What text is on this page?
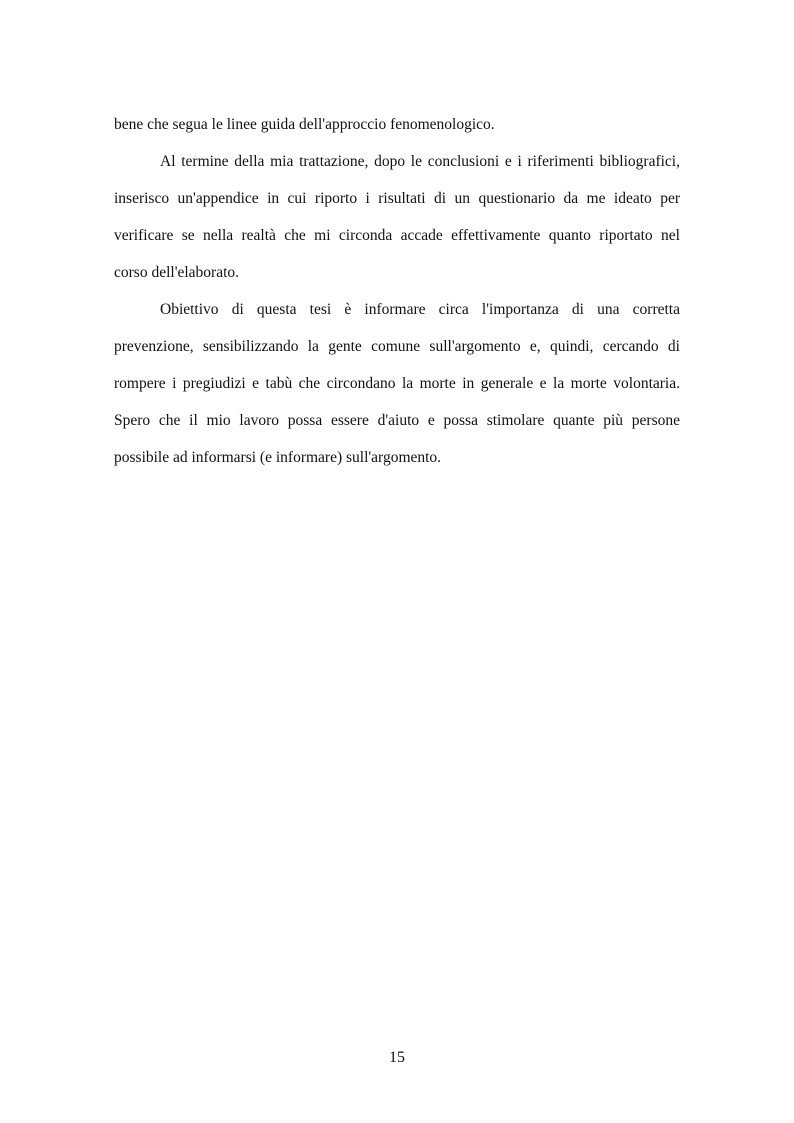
bene che segua le linee guida dell'approccio fenomenologico.
Al termine della mia trattazione, dopo le conclusioni e i riferimenti bibliografici,
inserisco un'appendice in cui riporto i risultati di un questionario da me ideato per
verificare se nella realtà che mi circonda accade effettivamente quanto riportato nel
corso dell'elaborato.
Obiettivo di questa tesi è informare circa l'importanza di una corretta
prevenzione, sensibilizzando la gente comune sull'argomento e, quindi, cercando di
rompere i pregiudizi e tabù che circondano la morte in generale e la morte volontaria.
Spero che il mio lavoro possa essere d'aiuto e possa stimolare quante più persone
possibile ad informarsi (e informare) sull'argomento.
15
